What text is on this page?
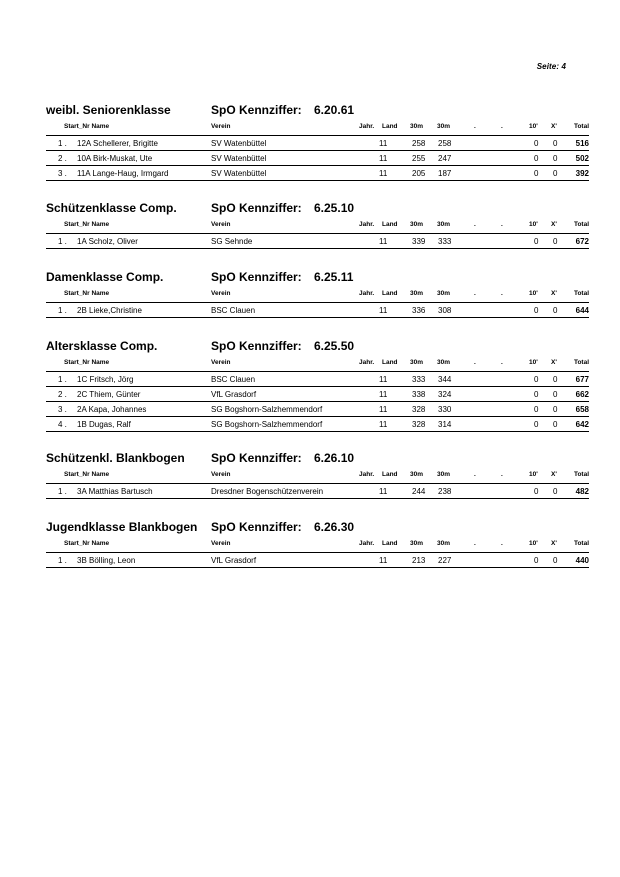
Seite: 4
weibl. Seniorenklasse	SpO Kennziffer: 6.20.61
Start_Nr Name	Verein	Jahr. Land 30m 30m	.	.	10' X'	Total
1 . 12A Schellerer, Brigitte	SV Watenbüttel	11	258 258	0 0 516
2 . 10A Birk-Muskat, Ute	SV Watenbüttel	11	255 247	0 0 502
3 . 11A Lange-Haug, Irmgard	SV Watenbüttel	11	205 187	0 0 392
Schützenklasse Comp.	SpO Kennziffer: 6.25.10
Start_Nr Name	Verein	Jahr. Land 30m 30m	.	.	10' X'	Total
1 . 1A Scholz, Oliver	SG Sehnde	11	339 333	0 0 672
Damenklasse Comp.	SpO Kennziffer: 6.25.11
Start_Nr Name	Verein	Jahr. Land 30m 30m	.	.	10' X'	Total
1 . 2B Lieke,Christine	BSC Clauen	11	336 308	0 0 644
Altersklasse Comp.	SpO Kennziffer: 6.25.50
Start_Nr Name	Verein	Jahr. Land 30m 30m	.	.	10' X'	Total
1 . 1C Fritsch, Jörg	BSC Clauen	11	333 344	0 0 677
2 . 2C Thiem, Günter	VfL Grasdorf	11	338 324	0 0 662
3 . 2A Kapa, Johannes	SG Bogshorn-Salzhemmendorf	11	328 330	0 0 658
4 . 1B Dugas, Ralf	SG Bogshorn-Salzhemmendorf	11	328 314	0 0 642
Schützenkl. Blankbogen SpO Kennziffer: 6.26.10
Start_Nr Name	Verein	Jahr. Land 30m 30m	.	.	10' X'	Total
1 . 3A Matthias Bartusch	Dresdner Bogenschützenverein	11	244 238	0 0 482
Jugendklasse Blankbogen SpO Kennziffer: 6.26.30
Start_Nr Name	Verein	Jahr. Land 30m 30m	.	.	10' X'	Total
1 . 3B Bölling, Leon	VfL Grasdorf	11	213 227	0 0 440
